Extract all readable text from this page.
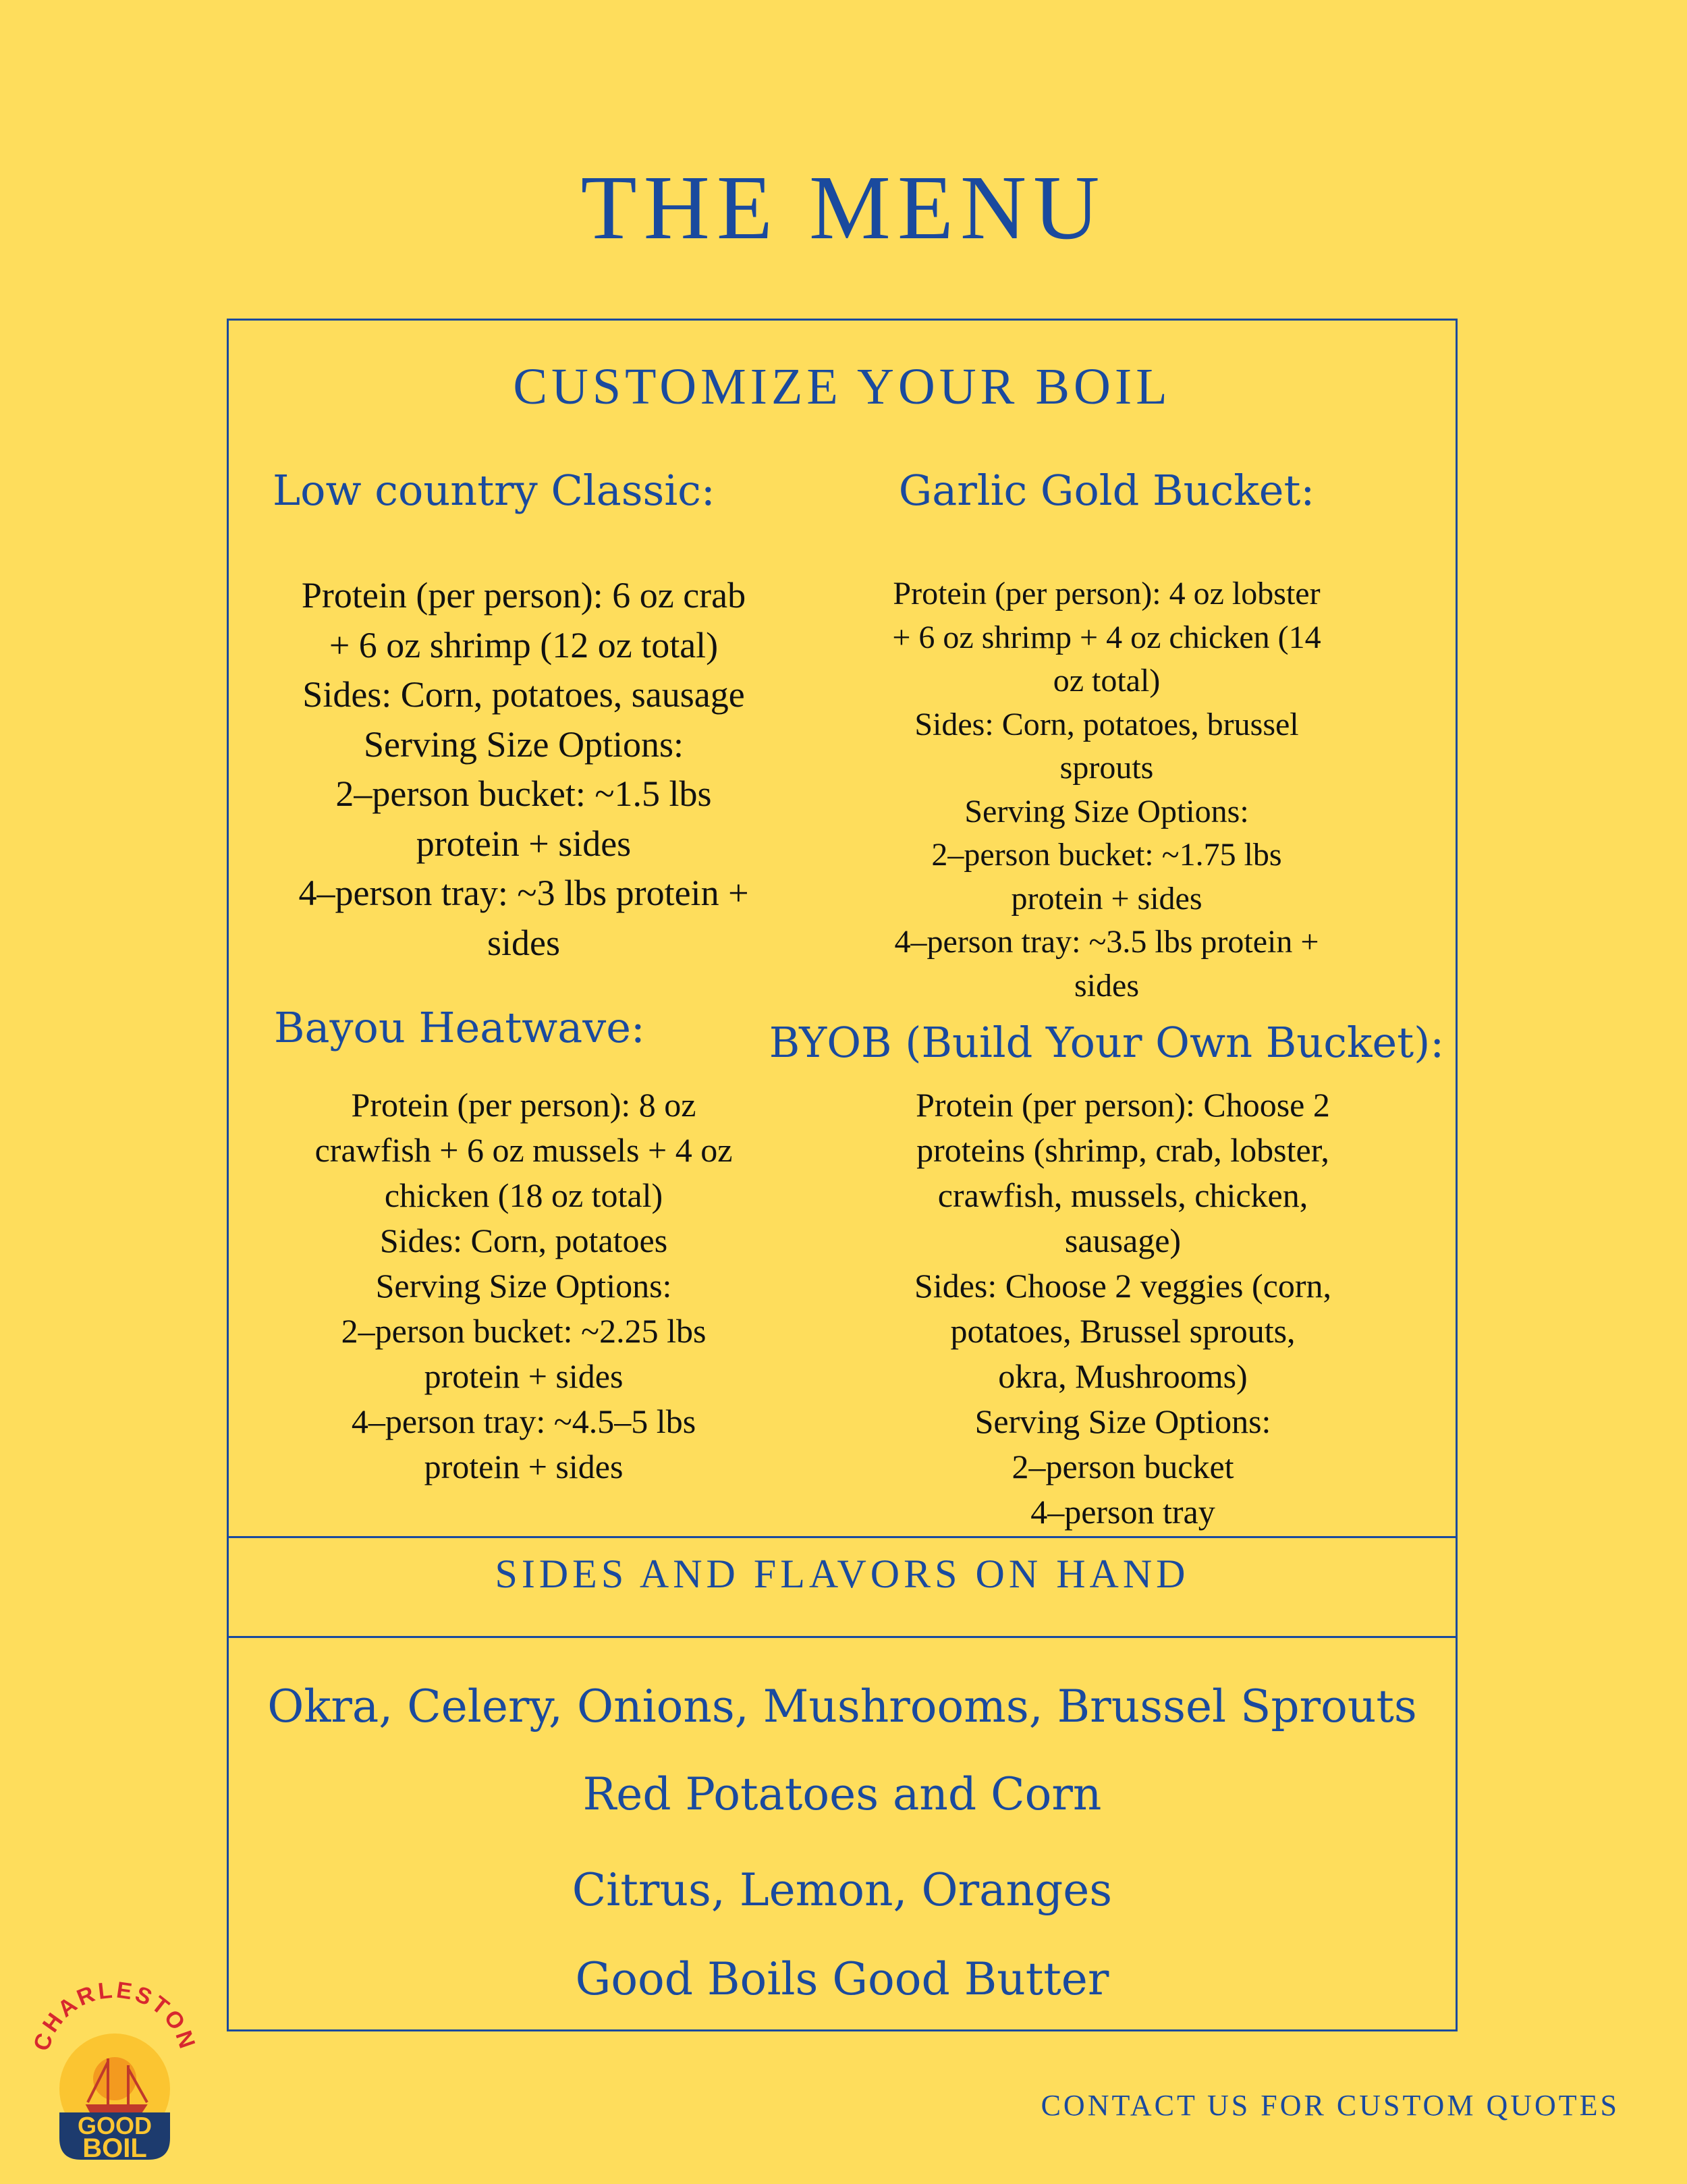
THE MENU
CUSTOMIZE YOUR BOIL
Low country Classic:
Protein (per person): 6 oz crab
+ 6 oz shrimp (12 oz total)
Sides: Corn, potatoes, sausage
Serving Size Options:
2–person bucket: ~1.5 lbs
protein + sides
4–person tray: ~3 lbs protein +
sides
Garlic Gold Bucket:
Protein (per person): 4 oz lobster
+ 6 oz shrimp + 4 oz chicken (14
oz total)
Sides: Corn, potatoes, brussel
sprouts
Serving Size Options:
2–person bucket: ~1.75 lbs
protein + sides
4–person tray: ~3.5 lbs protein +
sides
Bayou Heatwave:
Protein (per person): 8 oz
crawfish + 6 oz mussels + 4 oz
chicken (18 oz total)
Sides: Corn, potatoes
Serving Size Options:
2–person bucket: ~2.25 lbs
protein + sides
4–person tray: ~4.5–5 lbs
protein + sides
BYOB (Build Your Own Bucket):
Protein (per person): Choose 2
proteins (shrimp, crab, lobster,
crawfish, mussels, chicken,
sausage)
Sides: Choose 2 veggies (corn,
potatoes, Brussel sprouts,
okra, Mushrooms)
Serving Size Options:
2–person bucket
4–person tray
SIDES AND FLAVORS ON HAND
Okra, Celery, Onions, Mushrooms, Brussel Sprouts
Red Potatoes and Corn
Citrus, Lemon, Oranges
Good Boils Good Butter
CONTACT US FOR CUSTOM QUOTES
CHARLESTON
GOOD
BOIL
